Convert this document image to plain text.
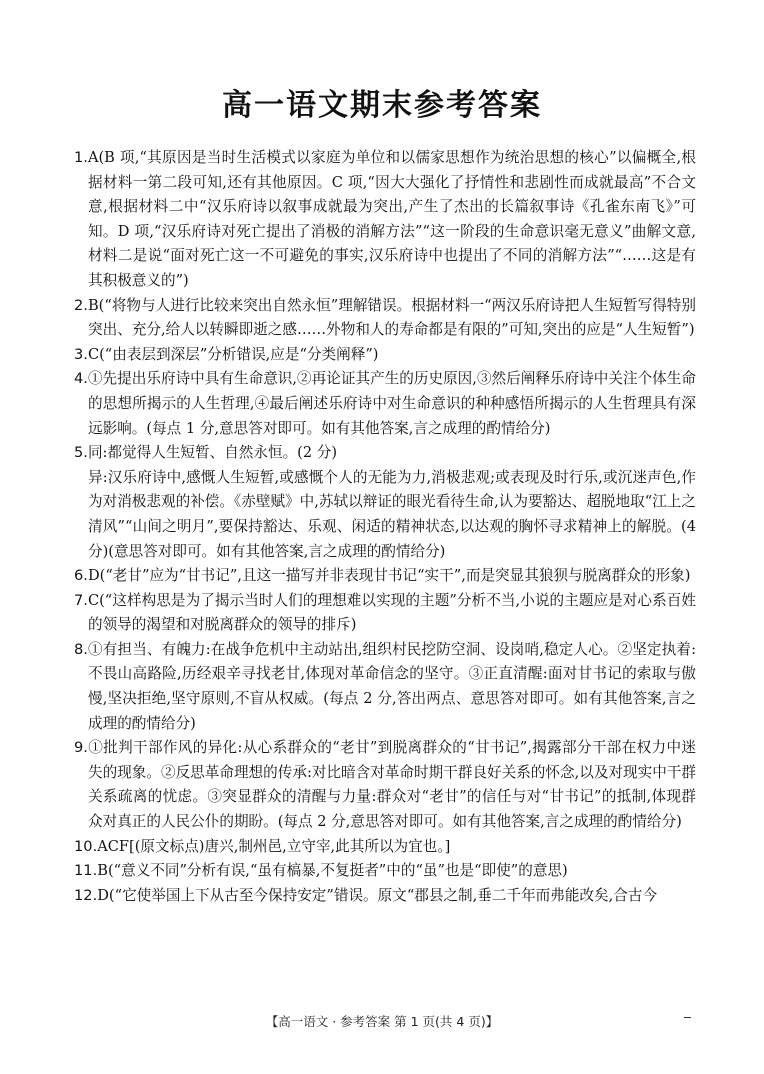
高一语文期末参考答案

1.A(B 项,“其原因是当时生活模式以家庭为单位和以儒家思想作为统治思想的核心”以偏概全,根据材料一第二段可知,还有其他原因。C 项,“因大大强化了抒情性和悲剧性而成就最高”不合文意,根据材料二中“汉乐府诗以叙事成就最为突出,产生了杰出的长篇叙事诗《孔雀东南飞》”可知。D 项,“汉乐府诗对死亡提出了消极的消解方法”“这一阶段的生命意识毫无意义”曲解文意,材料二是说“面对死亡这一不可避免的事实,汉乐府诗中也提出了不同的消解方法”“……这是有其积极意义的”)

2.B(“将物与人进行比较来突出自然永恒”理解错误。根据材料一“两汉乐府诗把人生短暂写得特别突出、充分,给人以转瞬即逝之感……外物和人的寿命都是有限的”可知,突出的应是“人生短暂”)

3.C(“由表层到深层”分析错误,应是“分类阐释”)

4.①先提出乐府诗中具有生命意识,②再论证其产生的历史原因,③然后阐释乐府诗中关注个体生命的思想所揭示的人生哲理,④最后阐述乐府诗中对生命意识的种种感悟所揭示的人生哲理具有深远影响。(每点 1 分,意思答对即可。如有其他答案,言之成理的酌情给分)

5.同:都觉得人生短暂、自然永恒。(2 分)

异:汉乐府诗中,感慨人生短暂,或感慨个人的无能为力,消极悲观;或表现及时行乐,或沉迷声色,作为对消极悲观的补偿。《赤壁赋》中,苏轼以辩证的眼光看待生命,认为要豁达、超脱地取“江上之清风”“山间之明月”,要保持豁达、乐观、闲适的精神状态,以达观的胸怀寻求精神上的解脱。(4 分)(意思答对即可。如有其他答案,言之成理的酌情给分)

6.D(“老甘”应为“甘书记”,且这一描写并非表现甘书记“实干”,而是突显其狼狈与脱离群众的形象)

7.C(“这样构思是为了揭示当时人们的理想难以实现的主题”分析不当,小说的主题应是对心系百姓的领导的渴望和对脱离群众的领导的排斥)

8.①有担当、有魄力:在战争危机中主动站出,组织村民挖防空洞、设岗哨,稳定人心。②坚定执着:不畏山高路险,历经艰辛寻找老甘,体现对革命信念的坚守。③正直清醒:面对甘书记的索取与傲慢,坚决拒绝,坚守原则,不盲从权威。(每点 2 分,答出两点、意思答对即可。如有其他答案,言之成理的酌情给分)

9.①批判干部作风的异化:从心系群众的“老甘”到脱离群众的“甘书记”,揭露部分干部在权力中迷失的现象。②反思革命理想的传承:对比暗含对革命时期干群良好关系的怀念,以及对现实中干群关系疏离的忧虑。③突显群众的清醒与力量:群众对“老甘”的信任与对“甘书记”的抵制,体现群众对真正的人民公仆的期盼。(每点 2 分,意思答对即可。如有其他答案,言之成理的酌情给分)

10.ACF[(原文标点)唐兴,制州邑,立守宰,此其所以为宜也。]

11.B(“意义不同”分析有误,“虽有槁暴,不复挺者”中的“虽”也是“即使”的意思)

12.D(“它使举国上下从古至今保持安定”错误。原文“郡县之制,垂二千年而弗能改矣,合古今

【高一语文 · 参考答案 第 1 页(共 4 页)】
